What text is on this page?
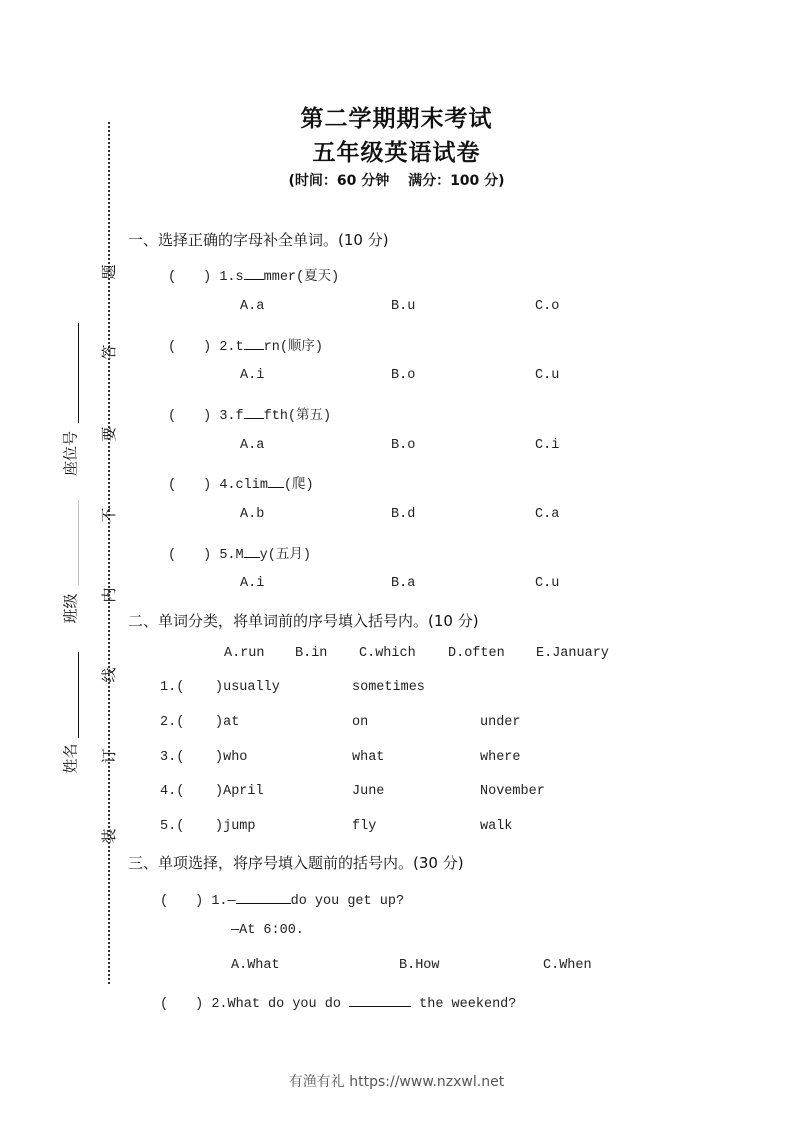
题
答
要
不
内
线
订
装
座位号
班级
姓名
第二学期期末考试
五年级英语试卷
(时间：60 分钟　 满分：100 分)
一、选择正确的字母补全单词。(10 分)
(　　) 1.s mmer(夏天)
A.a	B.u	C.o
(　　) 2.t rn(顺序)
A.i	B.o	C.u
(　　) 3.f fth(第五)
A.a	B.o	C.i
(　　) 4.clim (爬)
A.b	B.d	C.a
(　　) 5.M y(五月)
A.i	B.a	C.u
二、单词分类，将单词前的序号填入括号内。(10 分)
A.run B.in C.which D.often E.January
1.( )usually	sometimes
2.( )at	on	under
3.( )who	what	where
4.( )April	June	November
5.( )jump	fly	walk
三、单项选择，将序号填入题前的括号内。(30 分)
(　　) 1.—	do you get up?
—At 6:00.
A.What	B.How	C.When
(　　) 2.What do you do	the weekend?
有渔有礼 https://www.nzxwl.net
